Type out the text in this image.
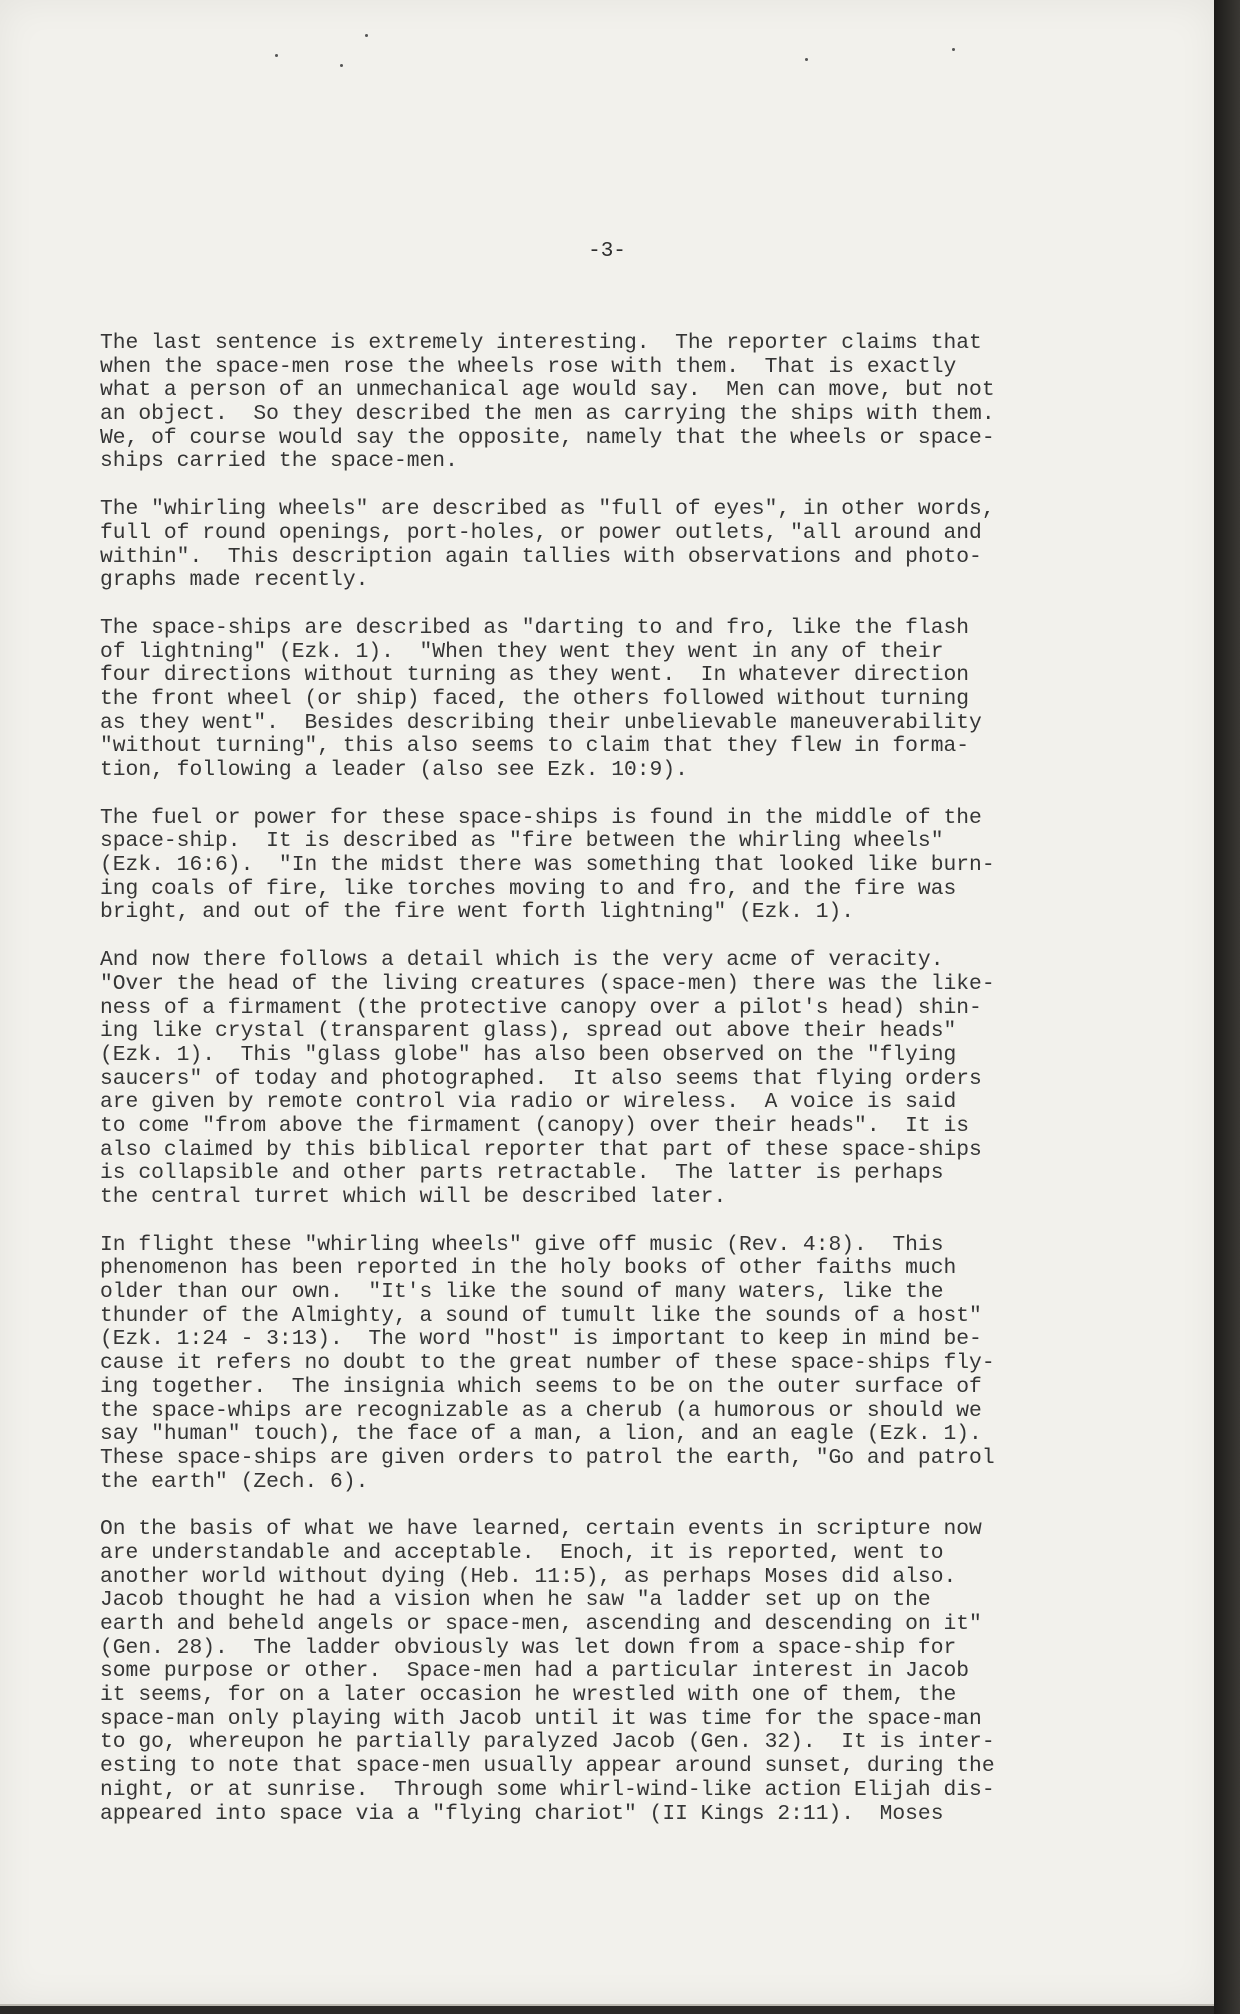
-3-
The last sentence is extremely interesting.  The reporter claims that
when the space-men rose the wheels rose with them.  That is exactly
what a person of an unmechanical age would say.  Men can move, but not
an object.  So they described the men as carrying the ships with them.
We, of course would say the opposite, namely that the wheels or space-
ships carried the space-men.
The "whirling wheels" are described as "full of eyes", in other words,
full of round openings, port-holes, or power outlets, "all around and
within".  This description again tallies with observations and photo-
graphs made recently.
The space-ships are described as "darting to and fro, like the flash
of lightning" (Ezk. 1).  "When they went they went in any of their
four directions without turning as they went.  In whatever direction
the front wheel (or ship) faced, the others followed without turning
as they went".  Besides describing their unbelievable maneuverability
"without turning", this also seems to claim that they flew in forma-
tion, following a leader (also see Ezk. 10:9).
The fuel or power for these space-ships is found in the middle of the
space-ship.  It is described as "fire between the whirling wheels"
(Ezk. 16:6).  "In the midst there was something that looked like burn-
ing coals of fire, like torches moving to and fro, and the fire was
bright, and out of the fire went forth lightning" (Ezk. 1).
And now there follows a detail which is the very acme of veracity.
"Over the head of the living creatures (space-men) there was the like-
ness of a firmament (the protective canopy over a pilot's head) shin-
ing like crystal (transparent glass), spread out above their heads"
(Ezk. 1).  This "glass globe" has also been observed on the "flying
saucers" of today and photographed.  It also seems that flying orders
are given by remote control via radio or wireless.  A voice is said
to come "from above the firmament (canopy) over their heads".  It is
also claimed by this biblical reporter that part of these space-ships
is collapsible and other parts retractable.  The latter is perhaps
the central turret which will be described later.
In flight these "whirling wheels" give off music (Rev. 4:8).  This
phenomenon has been reported in the holy books of other faiths much
older than our own.  "It's like the sound of many waters, like the
thunder of the Almighty, a sound of tumult like the sounds of a host"
(Ezk. 1:24 - 3:13).  The word "host" is important to keep in mind be-
cause it refers no doubt to the great number of these space-ships fly-
ing together.  The insignia which seems to be on the outer surface of
the space-whips are recognizable as a cherub (a humorous or should we
say "human" touch), the face of a man, a lion, and an eagle (Ezk. 1).
These space-ships are given orders to patrol the earth, "Go and patrol
the earth" (Zech. 6).
On the basis of what we have learned, certain events in scripture now
are understandable and acceptable.  Enoch, it is reported, went to
another world without dying (Heb. 11:5), as perhaps Moses did also.
Jacob thought he had a vision when he saw "a ladder set up on the
earth and beheld angels or space-men, ascending and descending on it"
(Gen. 28).  The ladder obviously was let down from a space-ship for
some purpose or other.  Space-men had a particular interest in Jacob
it seems, for on a later occasion he wrestled with one of them, the
space-man only playing with Jacob until it was time for the space-man
to go, whereupon he partially paralyzed Jacob (Gen. 32).  It is inter-
esting to note that space-men usually appear around sunset, during the
night, or at sunrise.  Through some whirl-wind-like action Elijah dis-
appeared into space via a "flying chariot" (II Kings 2:11).  Moses
